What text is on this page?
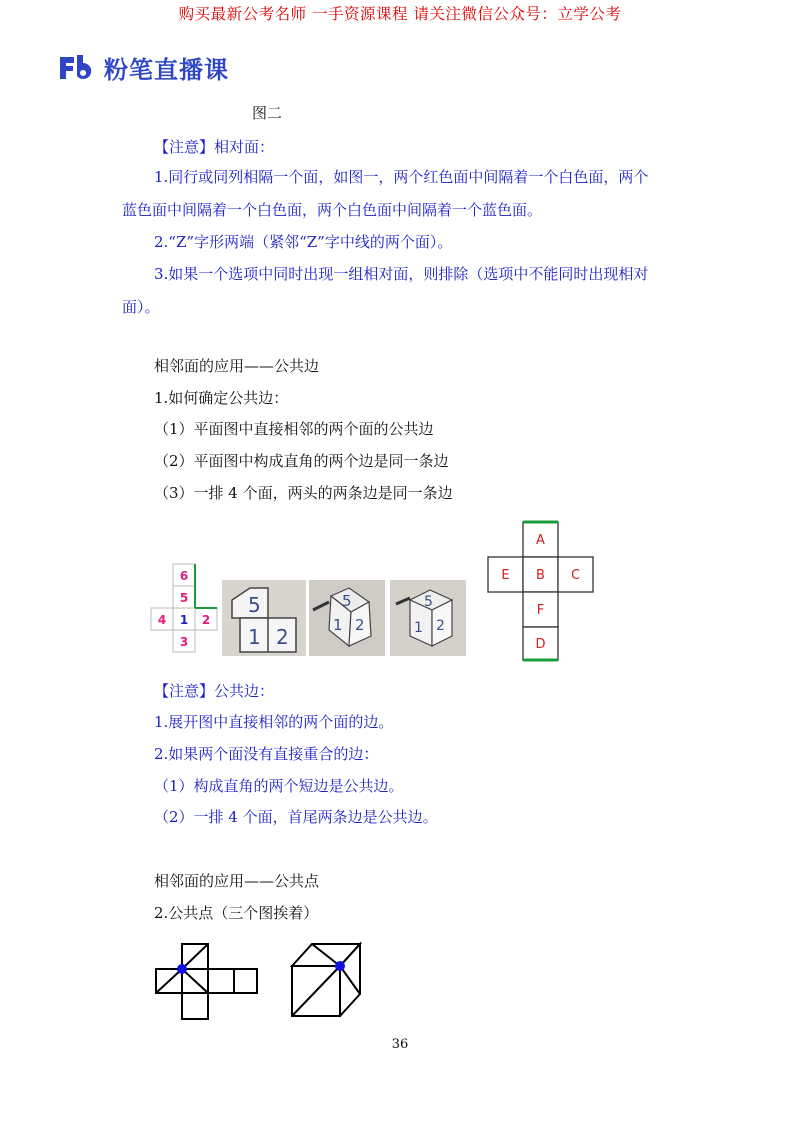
购买最新公考名师 一手资源课程 请关注微信公众号：立学公考
粉笔直播课
图二
【注意】相对面：
1.同行或同列相隔一个面，如图一，两个红色面中间隔着一个白色面，两个
蓝色面中间隔着一个白色面，两个白色面中间隔着一个蓝色面。
2.“Z”字形两端（紧邻“Z”字中线的两个面）。
3.如果一个选项中同时出现一组相对面，则排除（选项中不能同时出现相对
面）。
相邻面的应用——公共边
1.如何确定公共边：
（1）平面图中直接相邻的两个面的公共边
（2）平面图中构成直角的两个边是同一条边
（3）一排 4 个面，两头的两条边是同一条边
6
5
4 1 2
3
5
1 2
5
1 2
5
1 2
A
E B C
F
D
【注意】公共边：
1.展开图中直接相邻的两个面的边。
2.如果两个面没有直接重合的边：
（1）构成直角的两个短边是公共边。
（2）一排 4 个面，首尾两条边是公共边。
相邻面的应用——公共点
2.公共点（三个图挨着）
36
